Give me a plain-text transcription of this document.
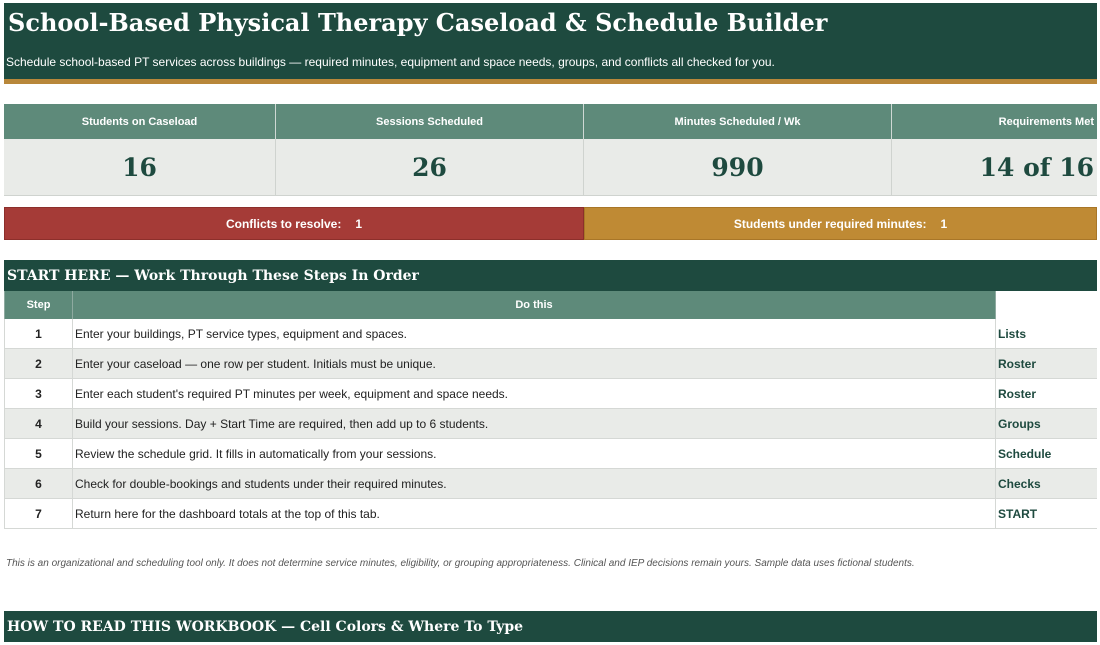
School-Based Physical Therapy Caseload & Schedule Builder
Schedule school-based PT services across buildings — required minutes, equipment and space needs, groups, and conflicts all checked for you.
Students on Caseload
16
Sessions Scheduled
26
Minutes Scheduled / Wk
990
Requirements Met
14 of 16
Conflicts to resolve: 1	Students under required minutes: 1
START HERE — Work Through These Steps In Order
Step	Do this
1	Enter your buildings, PT service types, equipment and spaces.	Lists
2	Enter your caseload — one row per student. Initials must be unique.	Roster
3	Enter each student's required PT minutes per week, equipment and space needs.	Roster
4	Build your sessions. Day + Start Time are required, then add up to 6 students.	Groups
5	Review the schedule grid. It fills in automatically from your sessions.	Schedule
6	Check for double-bookings and students under their required minutes.	Checks
7	Return here for the dashboard totals at the top of this tab.	START
This is an organizational and scheduling tool only. It does not determine service minutes, eligibility, or grouping appropriateness. Clinical and IEP decisions remain yours. Sample data uses fictional students.
HOW TO READ THIS WORKBOOK — Cell Colors & Where To Type
